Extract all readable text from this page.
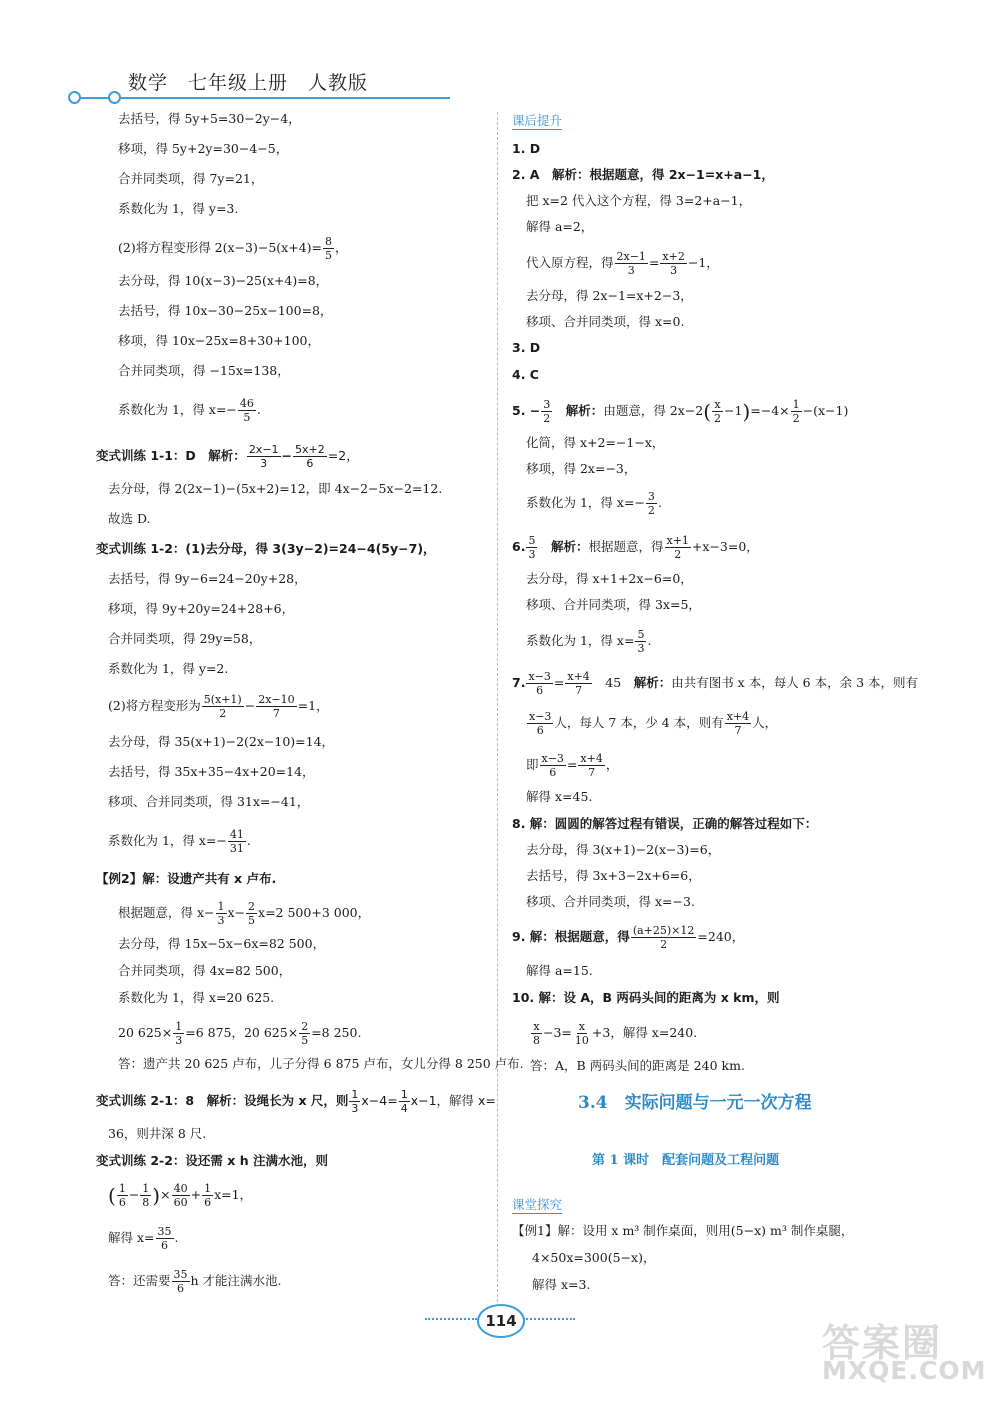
数学　七年级上册　人教版
去括号，得 5y+5=30−2y−4，
移项，得 5y+2y=30−4−5，
合并同类项，得 7y=21，
系数化为 1，得 y=3.
(2)将方程变形得 $2(x-3)-5(x+4)= \frac{8}{5}$ ，
去分母，得 10(x−3)−25(x+4)=8，
去括号，得 10x−30−25x−100=8，
移项，得 10x−25x=8+30+100，
合并同类项，得 −15x=138，
系数化为 1，得 $x=- \frac{46}{5}$ .
变式训练 1-1：D　解析： $\frac{2x-1}{3} - \frac{5x+2}{6} =2$，
去分母，得 2(2x−1)−(5x+2)=12，即 4x−2−5x−2=12.
故选 D.
变式训练 1-2：(1)去分母，得 3(3y−2)=24−4(5y−7)，
去括号，得 9y−6=24−20y+28，
移项，得 9y+20y=24+28+6，
合并同类项，得 29y=58，
系数化为 1，得 y=2.
(2)将方程变形为 $\frac{5(x+1)}{2} - \frac{2x-10}{7} =1$，
去分母，得 35(x+1)−2(2x−10)=14，
去括号，得 35x+35−4x+20=14，
移项、合并同类项，得 31x=−41，
系数化为 1，得 $x=- \frac{41}{31}$ .
【例2】解：设遗产共有 x 卢布.
根据题意，得 $x- \frac{1}{3} x- \frac{2}{5} x=2$ 500+3 000，
去分母，得 15x−5x−6x=82 500，
合并同类项，得 4x=82 500，
系数化为 1，得 x=20 625.
20 $625\times \frac{1}{3} =6$ 875，20 $625\times \frac{2}{5} =8$ 250.
答：遗产共 20 625 卢布，儿子分得 6 875 卢布，女儿分得 8 250 卢布.
变式训练 2-1：8　解析：设绳长为 x 尺，则 $\frac{1}{3} x-4= \frac{1}{4} x-1$，解得 x=
36，则井深 8 尺.
变式训练 2-2：设还需 x h 注满水池，则
( $\frac{1}{6} - \frac{1}{8}$ )× $\frac{40}{60} + \frac{1}{6} x=1$，
解得 $x= \frac{35}{6}$ .
答：还需要 $\frac{35}{6}$ h 才能注满水池.
课后提升
1. D
2. A　解析：根据题意，得 2x−1=x+a−1，
把 x=2 代入这个方程，得 3=2+a−1，
解得 a=2，
代入原方程，得 $\frac{2x-1}{3} = \frac{x+2}{3} -1$，
去分母，得 2x−1=x+2−3，
移项、合并同类项，得 x=0.
3. D
4. C
5. − $\frac{3}{2}$
　 解析：由题意，得 $2x-2( \frac{x}{2} -1)=-4\times \frac{1}{2} -(x-1)$
化简，得 x+2=−1−x，
移项，得 2x=−3，
系数化为 1，得 $x=- \frac{3}{2}$ .
6. $\frac{5}{3}$
　 解析：根据题意，得 $\frac{x+1}{2} +x-3=0$，
去分母，得 x+1+2x−6=0，
移项、合并同类项，得 3x=5，
系数化为 1，得 $x= \frac{5}{3}$ .
7. $\frac{x-3}{6} = \frac{x+4}{7}$ 　45　解析：由共有图书 x 本，每人 6 本，余 3 本，则有
$\frac{x-3}{6}$ 人，每人 7 本，少 4 本，则有 $\frac{x+4}{7}$ 人，
即 $\frac{x-3}{6} = \frac{x+4}{7}$ ，
解得 x=45.
8. 解：圆圆的解答过程有错误，正确的解答过程如下：
去分母，得 3(x+1)−2(x−3)=6，
去括号，得 3x+3−2x+6=6，
移项、合并同类项，得 x=−3.
9. 解：根据题意，得 $\frac{(a+25)\times 12}{2} =240$，
解得 a=15.
10. 解：设 A，B 两码头间的距离为 x km，则
$\frac{x}{8} -3= \frac{x}{10} +3$，解得 x=240.
答：A，B 两码头间的距离是 240 km.
3.4　实际问题与一元一次方程
第 1 课时　配套问题及工程问题
课堂探究
【例1】解：设用 x m³ 制作桌面，则用(5−x) m³ 制作桌腿，
4×50x=300(5−x)，
解得 x=3.
114	答案圈
MXQE.COM
